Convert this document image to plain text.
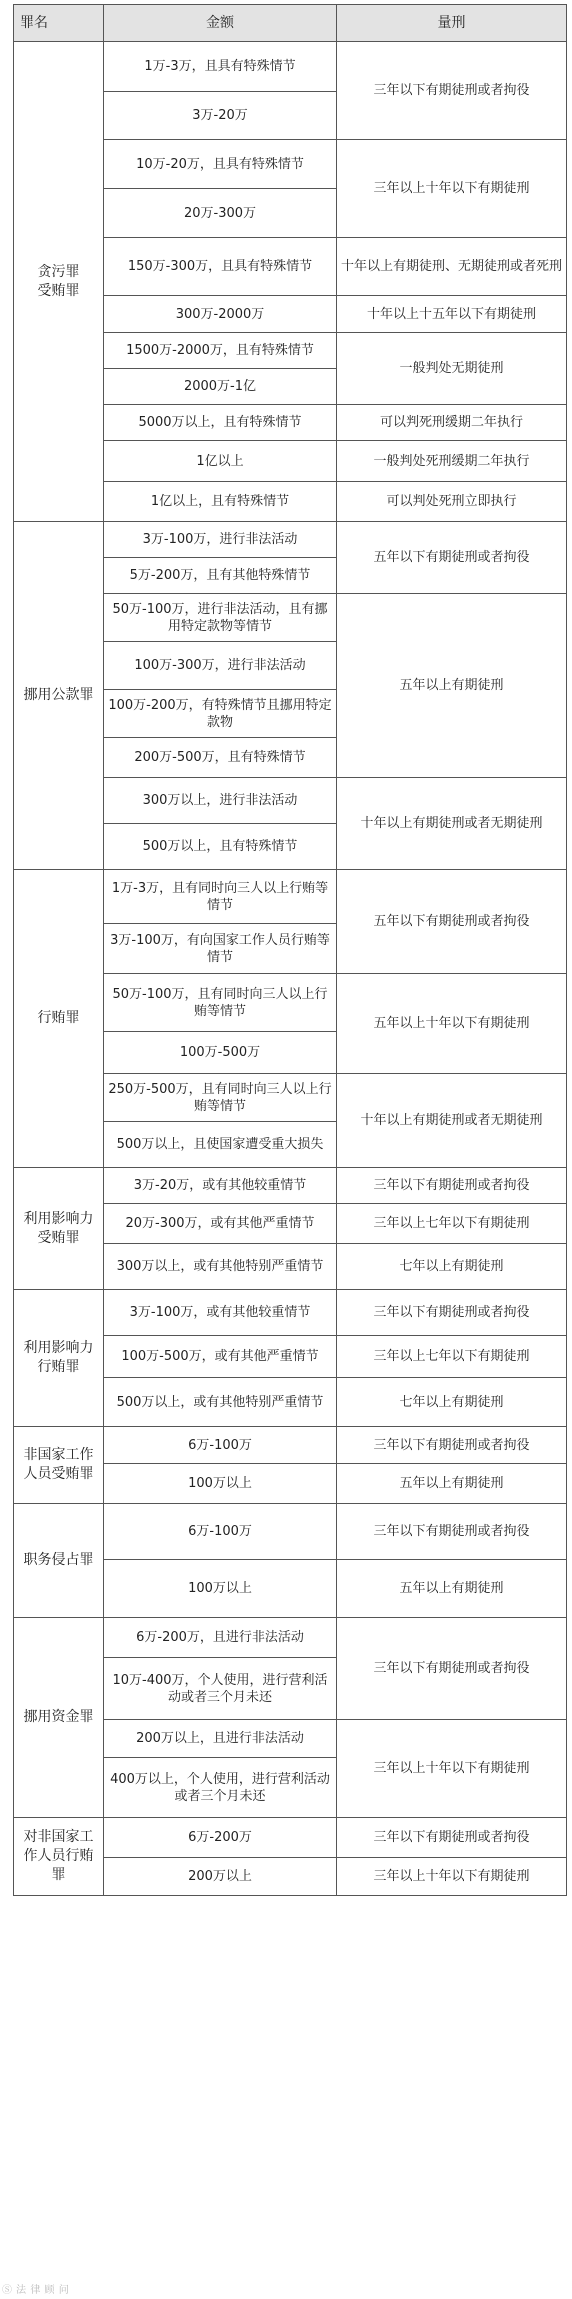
罪名	金额	量刑
贪污罪
受贿罪	1万-3万，且具有特殊情节	三年以下有期徒刑或者拘役
	3万-20万	
	10万-20万，且具有特殊情节	三年以上十年以下有期徒刑
	20万-300万	
	150万-300万，且具有特殊情节	十年以上有期徒刑、无期徒刑或者死刑
	300万-2000万	十年以上十五年以下有期徒刑
	1500万-2000万，且有特殊情节	一般判处无期徒刑
	2000万-1亿	
	5000万以上，且有特殊情节	可以判死刑缓期二年执行
	1亿以上	一般判处死刑缓期二年执行
	1亿以上，且有特殊情节	可以判处死刑立即执行
挪用公款罪	3万-100万，进行非法活动	五年以下有期徒刑或者拘役
	5万-200万，且有其他特殊情节	
	50万-100万，进行非法活动，且有挪用特定款物等情节	五年以上有期徒刑
	100万-300万，进行非法活动	
	100万-200万，有特殊情节且挪用特定款物	
	200万-500万，且有特殊情节	
	300万以上，进行非法活动	十年以上有期徒刑或者无期徒刑
	500万以上，且有特殊情节	
行贿罪	1万-3万，且有同时向三人以上行贿等情节	五年以下有期徒刑或者拘役
	3万-100万，有向国家工作人员行贿等情节	
	50万-100万，且有同时向三人以上行贿等情节	五年以上十年以下有期徒刑
	100万-500万	
	250万-500万，且有同时向三人以上行贿等情节	十年以上有期徒刑或者无期徒刑
	500万以上，且使国家遭受重大损失	
利用影响力受贿罪	3万-20万，或有其他较重情节	三年以下有期徒刑或者拘役
	20万-300万，或有其他严重情节	三年以上七年以下有期徒刑
	300万以上，或有其他特别严重情节	七年以上有期徒刑
利用影响力行贿罪	3万-100万，或有其他较重情节	三年以下有期徒刑或者拘役
	100万-500万，或有其他严重情节	三年以上七年以下有期徒刑
	500万以上，或有其他特别严重情节	七年以上有期徒刑
非国家工作人员受贿罪	6万-100万	三年以下有期徒刑或者拘役
	100万以上	五年以上有期徒刑
职务侵占罪	6万-100万	三年以下有期徒刑或者拘役
	100万以上	五年以上有期徒刑
挪用资金罪	6万-200万，且进行非法活动	三年以下有期徒刑或者拘役
	10万-400万，个人使用，进行营利活动或者三个月未还	
	200万以上，且进行非法活动	三年以上十年以下有期徒刑
	400万以上，个人使用，进行营利活动或者三个月未还	
对非国家工作人员行贿罪	6万-200万	三年以下有期徒刑或者拘役
	200万以上	三年以上十年以下有期徒刑
Ⓢ 法 律 顾 问
